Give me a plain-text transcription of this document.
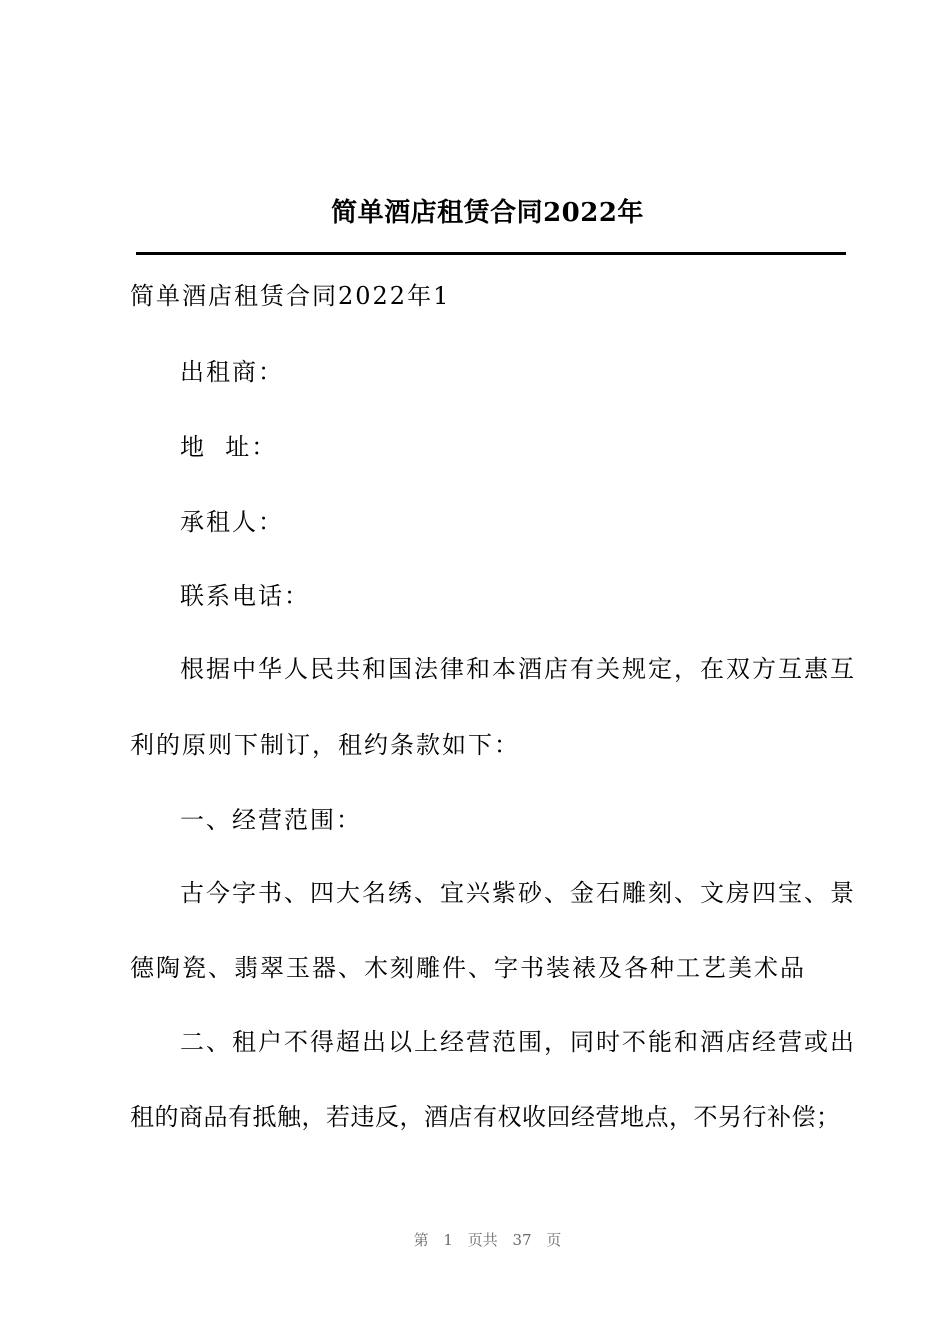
简单酒店租赁合同2022年
简单酒店租赁合同2022年1
出租商：
地  址：
承租人：
联系电话：
根据中华人民共和国法律和本酒店有关规定，在双方互惠互
利的原则下制订，租约条款如下：
一、经营范围：
古今字书、四大名绣、宜兴紫砂、金石雕刻、文房四宝、景
德陶瓷、翡翠玉器、木刻雕件、字书装裱及各种工艺美术品
二、租户不得超出以上经营范围，同时不能和酒店经营或出
租的商品有抵触，若违反，酒店有权收回经营地点，不另行补偿；
第 1 页共 37 页
